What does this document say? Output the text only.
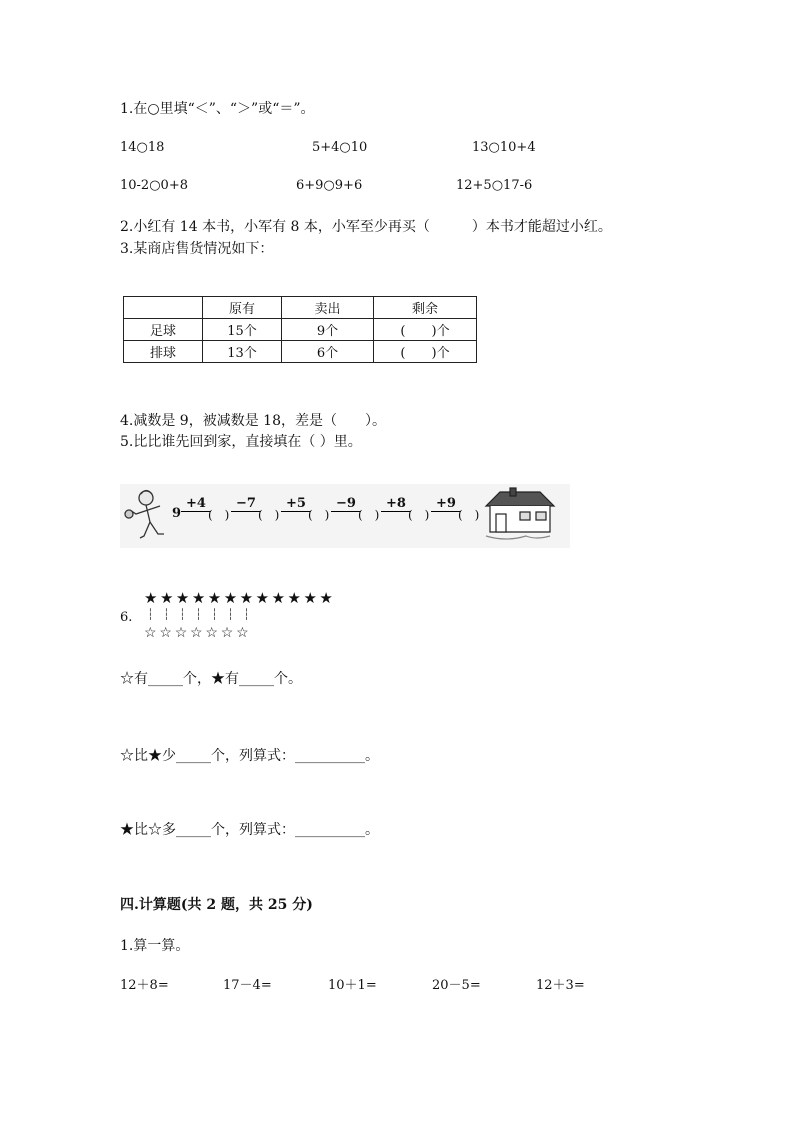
1.在○里填“＜”、“＞”或“＝”。
14○18	5+4○10	13○10+4
10-2○0+8	6+9○9+6	12+5○17-6
2.小红有 14 本书，小军有 8 本，小军至少再买（　　　）本书才能超过小红。
3.某商店售货情况如下：
	原有	卖出	剩余
足球	15个	9个	(　　)个
排球	13个	6个	(　　)个
4.减数是 9，被减数是 18，差是（　　）。
5.比比谁先回到家，直接填在（ ）里。
9
+4
(　)
−7
(　)
+5
(　)
−9
(　)
+8
(　)
+9
(　)
★★★★★★★★★★★★
6. ┆┆┆┆┆┆┆
☆☆☆☆☆☆☆
☆有_____个，★有_____个。
☆比★少_____个，列算式：__________。
★比☆多_____个，列算式：__________。
四.计算题(共 2 题，共 25 分)
1.算一算。
12＋8=	17－4=	10＋1=	20－5=	12＋3=
